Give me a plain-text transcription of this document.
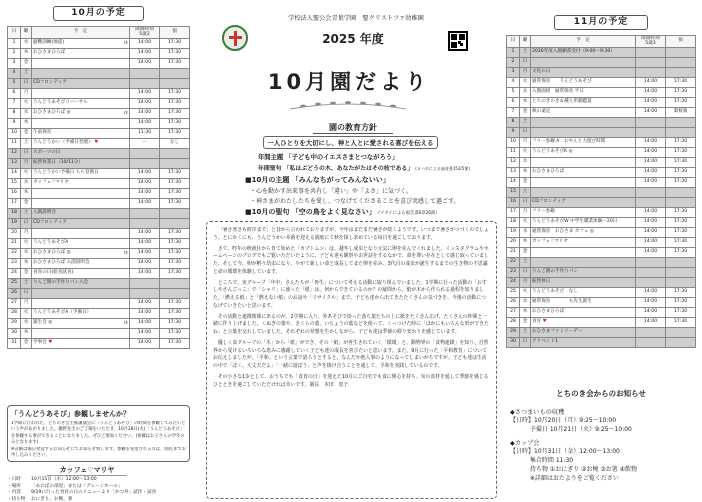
10月の予定
日	曜	予　定	降園時刻
5歳3	預
1	水	避難訓練(地震) 休	14:00	17:30
2	木	おひさまひろば	14:00	17:30
3	金		14:00	17:30
4	土			
5	日	CDフロンティア		
6	月		14:00	17:30
7	火	うんどうあそびリハーサル	14:00	17:30
8	水	おひさまひろば ◎ 休	14:00	17:30
9	木		14:00	17:30
10	金	午前保育	11:30	17:30
11	土	うんどうかい（予備日翌週） ♥	ー	なし
12	日	スポーツの日		
13	月	振替休業日（10/11分）		
14	火	うんどうかい予備日 ちち登園日	14:00	17:30
15	水	カッフェ♡マリヤ	14:00	17:30
16	木		14:00	17:30
17	金		14:00	17:30
18	土	入園説明会		
19	日	CDフロンティア		
20	月		14:00	17:30
21	火	うんどうあそびA	14:00	17:30
22	水	おひさまひろば ◎ 休	14:00	17:30
23	木	おひさまひろば 入園説明会	14:00	17:30
24	金	食育の日(給食試食)	14:00	17:30
25	土	りんご園の手作りパン入会		
26	日			
27	月		14:00	17:30
28	火	うんどうあそびA（予備日）	14:00	17:30
29	水	誕生会 ◎ 休	14:00	17:30
30	木		14:00	17:30
31	金	学事会 ♥	14:00	17:30
「うんどうあそび」参観しませんか？
1学期に行われた、とちのき会主催講演会に「うんどうあそび」の時間を参観してみたいという声があがりました。親野先生のご了解をいただき、10月28日(火)「うんどうあそび」を参観する事ができることになりました。ぜひご参加ください。(参観はお子さんの学年のみとなります)
※詳細は後日発送するお知らせにてお知らせ致します。参観を希望される方は、園長までお申し込みください。
カッフェ♡マリヤ
・日時 10月15日（水）12:00〜13:00
・場所 「あおばの部屋」または「グレーンホール」
・内容 9/19に行った食育の日のメニューより「かつ丼」試作・試食
・持ち物 おにぎり、お椀、箸
学校法人聖公会青葉学園　聖クリストファ幼稚園
2025 年度
10月園だより
園の教育方針
一人ひとりを大切にし、神と人とに愛される喜びを伝える
年間主題 「子ども中のイエスさまとつながろう」
年間聖句 「私はぶどうの木、あなたがたはその枝である」 (ヨハネによる福音書15章5節)
■10月の主題 「みんなちがってみんないい」
・心を動かす出来事を共有し「違い」や「よさ」に気づく。
・神さまがわたしたちを愛し、つなげてくださることを喜び実感して過ごす。
■10月の聖句 「空の鳥をよく見なさい」 (マタイによる福音書6章26節)

「暑さ寒さも彼岸まで」と昔から言われておりますが、今年はまだまだ暑さが続くようです。いつまで暑さがつづくのでしょう。とにかくにも、うんどうかい本番を迎える園庭にて秋を探し求めている毎日を過ごしております。

さて、昨年の秋就任から育て始めた「カブトムシ」は、越冬し成虫となり元気に卵を産んでくれました。インスタグラムやホームページのブログでもご覧いただいたように、子ども達も観察やお世話をするなかで、命を尊い存在として感じ取っていました。そして今、卵が孵り幼虫になり、やがて新しい命と成長してまた卵を産み、3代目の成虫が誕生するまでの生き物の不思議と命の循環を体験しています。

ところで、実グループ「年中」さんたちが「再生」について考える活動に取り組んでいました。1学期に行った活動の「おすしやさんごっこ」で「シャリ」に使った「紙」は、何からできているのか？の疑問から、紙が木から作られる過程を知りました。「燃える紙」と「燃えない紙」のお話や「リサイクル」まで、子ども達から出てきたたくさんの気づきを、今後の活動につなげていきたいと思います。

その活動と連携関係にあるのが、2学期に入り、外あそびで拾った落ち葉たちの上に紙をたくさん広げ、たくさんの仲間と一緒に作り上げました。くぬぎの葉や、さくらの葉、いちょうの葉などを使って、くっつけた時に「ほかにもいろんな形ができたね」と言葉を交わしていました。それぞれの発想を生かしながら、子ども達は季節の移り変わりを感じています。

優しく食グループの「木」から「紙」ができ、その「紙」が再生されていく「循環」と、動物界の「食物連鎖」を知り、自然界から受けるいろいろな恵みに感謝していく子ども達の成長を喜びたいと思います。また、9月に行った「平和教育」についてお伝えしましたが、「平和」という言葉で語ろうとすると、なんだか他人事のようになってしまいがちですが、子ども達は生活の中で「ぼく、大丈夫だよ」「一緒に遊ぼう」と声を掛け合うことを通して、平和を実践しているのです。

その小さな1歩として、おうちでも「食育の日」を迎えた10月にご自宅でも食に関心を持ち、旬の食材を通して季節を感じるひとときを過ごしていただければ幸いです。園長　本田　恵子

11月の予定
日	曜	予　定	降園時刻
5歳3	預
1	土	2026年度入園願書受付（9:00〜9:30）		
2	日			
3	月	文化の日		
4	火	通常保育　　うんどうあそび	14:00	17:30
5	水	入園面接　通常保育 半日	14:00	17:30
6	木	とちのきのき＆種人形劇鑑賞	14:00	17:30
7	金	秋の遠足	14:00	菓桜鳩
8	土			
9	日			
10	月	フリー参観 A　おやんと力遊び時間	14:00	17:30
11	火	うんどうあそびK ◎	14:00	17:30
12	水		14:00	17:30
13	木	おひさまひろば	14:00	17:30
14	金		14:00	17:30
15	土			
16	日	CDフロンティア		
17	月	フリー参観	14:00	17:30
18	火	うんどうあそびW 中学生職業体験〜20日	14:00	17:30
19	水	通常保育　おひさま カフェ ◎	14:00	17:30
20	木	カッフェ♡マリヤ	14:00	17:30
21	金		14:00	17:30
22	土			
23	日	りんご園の手作りパン		
24	月	振替休日		
25	火	うんどうあそび　なし	14:00	17:30
26	水	通常保育　　　　も先生誕生	14:00	17:30
27	木	おひさまひろば	14:00	17:30
28	金	食育 ♥	14:00	17:30
29	土	おひさまファミリーデー		
30	日	アドベント1		
とちのき会からのお知らせ
◆さつまいもの収穫
【日時】10月20日（月）9:25〜10:00
　　　 予備日 10月21日（火）9:25〜10:00
◆カップ会
【日時】10月31日（金）12:00〜13:00
　　　 集合時間 11:30
　　　 持ち物 ①おにぎり ②お椀 ③お箸 ④飲物
　　　 ※詳細はおたよりをご覧ください
